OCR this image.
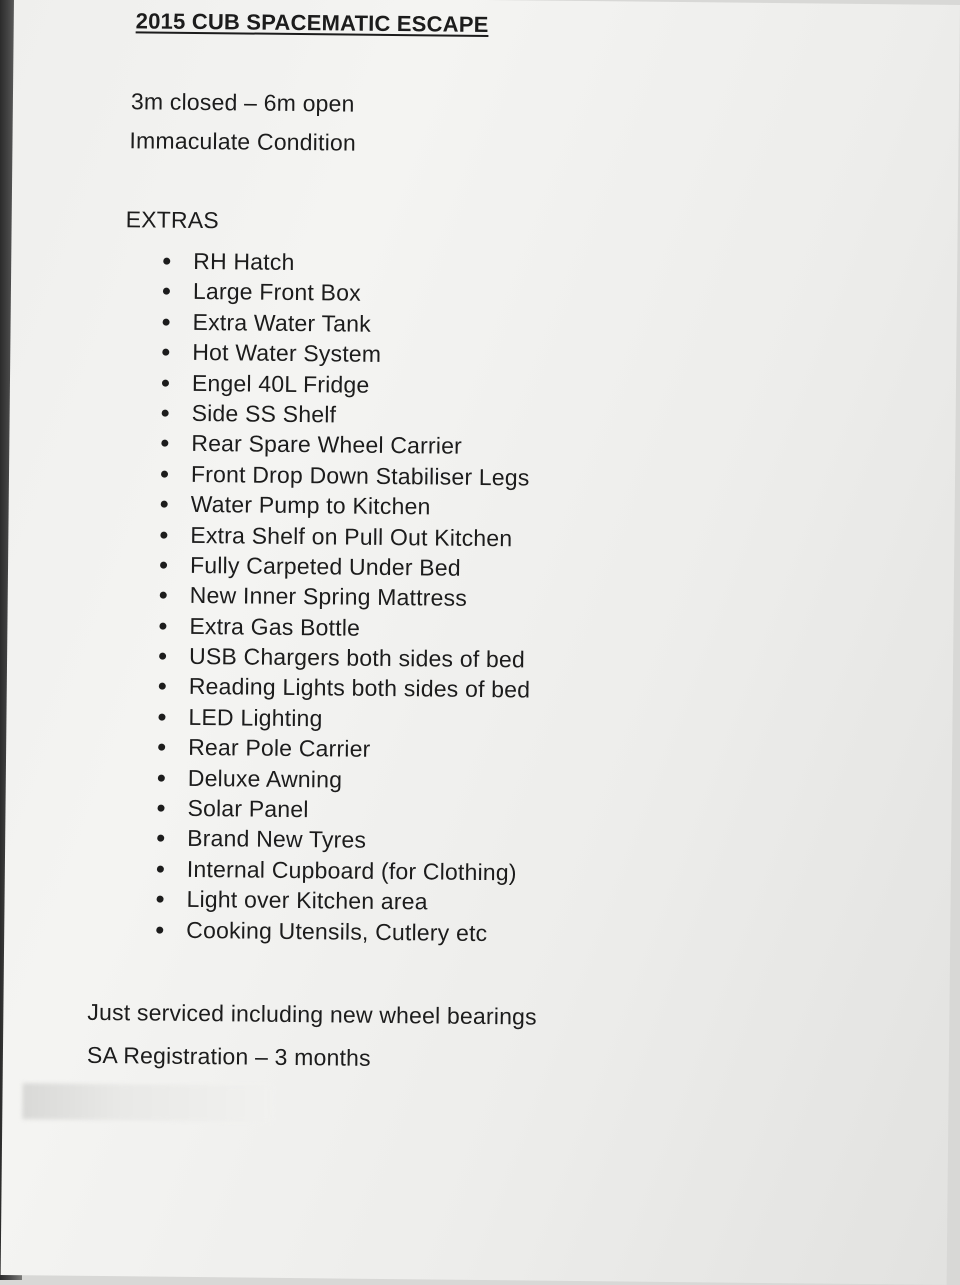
2015 CUB SPACEMATIC ESCAPE
3m closed – 6m open
Immaculate Condition
EXTRAS
RH Hatch
Large Front Box
Extra Water Tank
Hot Water System
Engel 40L Fridge
Side SS Shelf
Rear Spare Wheel Carrier
Front Drop Down Stabiliser Legs
Water Pump to Kitchen
Extra Shelf on Pull Out Kitchen
Fully Carpeted Under Bed
New Inner Spring Mattress
Extra Gas Bottle
USB Chargers both sides of bed
Reading Lights both sides of bed
LED Lighting
Rear Pole Carrier
Deluxe Awning
Solar Panel
Brand New Tyres
Internal Cupboard (for Clothing)
Light over Kitchen area
Cooking Utensils, Cutlery etc
Just serviced including new wheel bearings
SA Registration – 3 months
